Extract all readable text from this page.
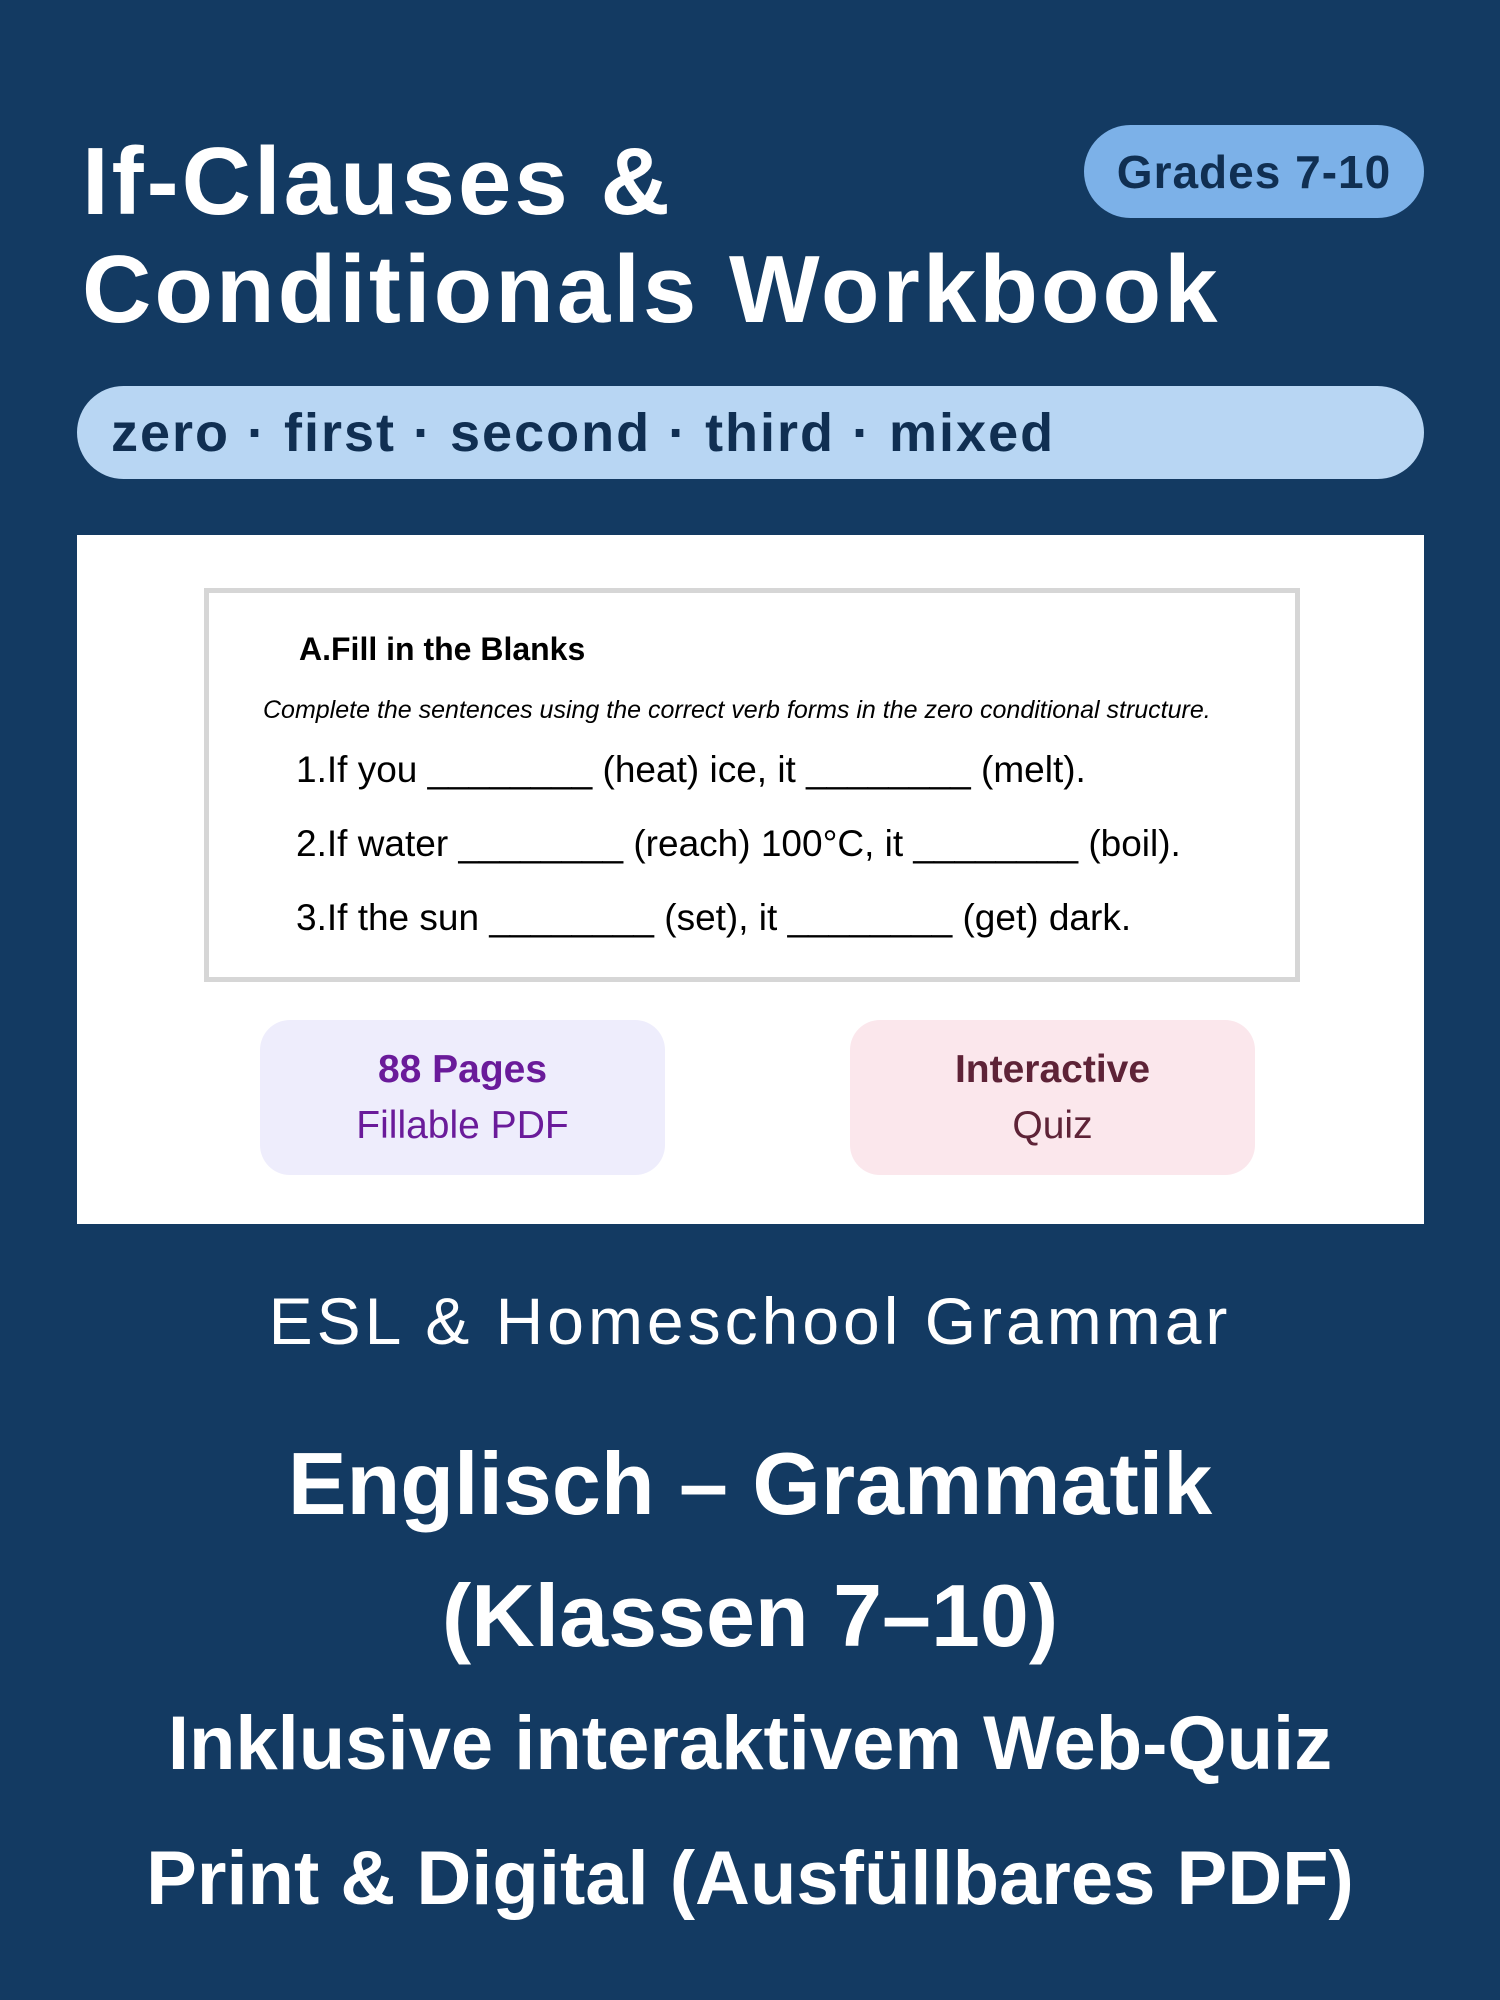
If-Clauses &
Conditionals Workbook
Grades 7-10
zero · first · second · third · mixed
A.Fill in the Blanks
Complete the sentences using the correct verb forms in the zero conditional structure.
1.If you ________ (heat) ice, it ________ (melt).
2.If water ________ (reach) 100°C, it ________ (boil).
3.If the sun ________ (set), it ________ (get) dark.
88 Pages
Fillable PDF
Interactive
Quiz
ESL & Homeschool Grammar
Englisch – Grammatik
(Klassen 7–10)
Inklusive interaktivem Web-Quiz
Print & Digital (Ausfüllbares PDF)
